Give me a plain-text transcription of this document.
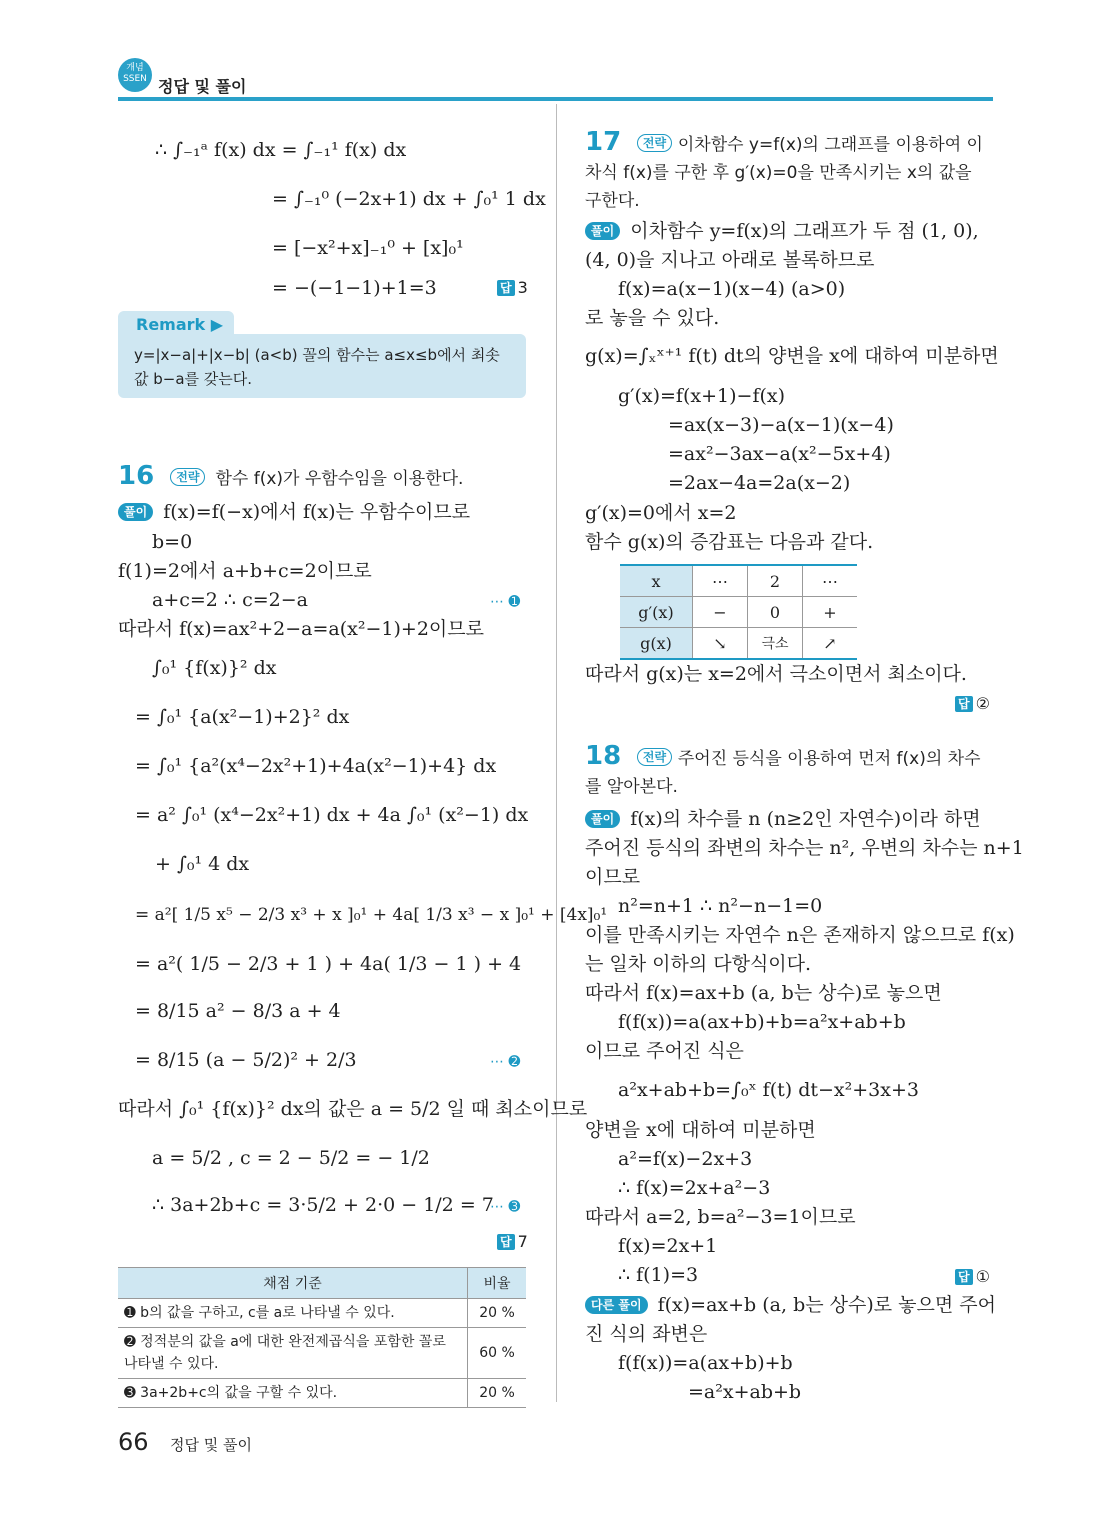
개념
SSEN 정답 및 풀이
∴ ∫₋₁ᵃ f(x) dx = ∫₋₁¹ f(x) dx
= ∫₋₁⁰ (−2x+1) dx + ∫₀¹ 1 dx
= [−x²+x]₋₁⁰ + [x]₀¹
= −(−1−1)+1=3	답 3
Remark ▶
y=|x−a|+|x−b| (a<b) 꼴의 함수는 a≤x≤b에서 최솟값 b−a를 갖는다.
16 전략 함수 f(x)가 우함수임을 이용한다.
풀이 f(x)=f(−x)에서 f(x)는 우함수이므로
b=0
f(1)=2에서 a+b+c=2이므로
a+c=2 ∴ c=2−a	⋯ ➊
따라서 f(x)=ax²+2−a=a(x²−1)+2이므로
∫₀¹ {f(x)}² dx
= ∫₀¹ {a(x²−1)+2}² dx
= ∫₀¹ {a²(x⁴−2x²+1)+4a(x²−1)+4} dx
= a² ∫₀¹ (x⁴−2x²+1) dx + 4a ∫₀¹ (x²−1) dx
+ ∫₀¹ 4 dx
= a²[ 1/5 x⁵ − 2/3 x³ + x ]₀¹ + 4a[ 1/3 x³ − x ]₀¹ + [4x]₀¹
= a²( 1/5 − 2/3 + 1 ) + 4a( 1/3 − 1 ) + 4
= 8/15 a² − 8/3 a + 4
= 8/15 (a − 5/2)² + 2/3	⋯ ➋
따라서 ∫₀¹ {f(x)}² dx의 값은 a = 5/2 일 때 최소이므로
a = 5/2 , c = 2 − 5/2 = − 1/2
∴ 3a+2b+c = 3·5/2 + 2·0 − 1/2 = 7
⋯ ➌
답 7
채점 기준	비율
➊ b의 값을 구하고, c를 a로 나타낼 수 있다.	20 %
➋ 정적분의 값을 a에 대한 완전제곱식을 포함한 꼴로 나타낼 수 있다.	60 %
➌ 3a+2b+c의 값을 구할 수 있다.	20 %
17 전략 이차함수 y=f(x)의 그래프를 이용하여 이차식 f(x)를 구한 후 g′(x)=0을 만족시키는 x의 값을 구한다.
풀이 이차함수 y=f(x)의 그래프가 두 점 (1, 0),
(4, 0)을 지나고 아래로 볼록하므로
f(x)=a(x−1)(x−4) (a>0)
로 놓을 수 있다.
g(x)=∫ₓˣ⁺¹ f(t) dt의 양변을 x에 대하여 미분하면
g′(x)=f(x+1)−f(x)
=ax(x−3)−a(x−1)(x−4)
=ax²−3ax−a(x²−5x+4)
=2ax−4a=2a(x−2)
g′(x)=0에서 x=2
함수 g(x)의 증감표는 다음과 같다.
x	⋯	2	⋯
g′(x)	−	0	+
g(x)	↘	극소	↗
따라서 g(x)는 x=2에서 극소이면서 최소이다.
답 ②
18 전략 주어진 등식을 이용하여 먼저 f(x)의 차수를 알아본다.
풀이 f(x)의 차수를 n (n≥2인 자연수)이라 하면
주어진 등식의 좌변의 차수는 n², 우변의 차수는 n+1
이므로
n²=n+1 ∴ n²−n−1=0
이를 만족시키는 자연수 n은 존재하지 않으므로 f(x)
는 일차 이하의 다항식이다.
따라서 f(x)=ax+b (a, b는 상수)로 놓으면
f(f(x))=a(ax+b)+b=a²x+ab+b
이므로 주어진 식은
a²x+ab+b=∫₀ˣ f(t) dt−x²+3x+3
양변을 x에 대하여 미분하면
a²=f(x)−2x+3
∴ f(x)=2x+a²−3
따라서 a=2, b=a²−3=1이므로
f(x)=2x+1
∴ f(1)=3	답 ①
다른 풀이 f(x)=ax+b (a, b는 상수)로 놓으면 주어
진 식의 좌변은
f(f(x))=a(ax+b)+b
=a²x+ab+b
66 정답 및 풀이
